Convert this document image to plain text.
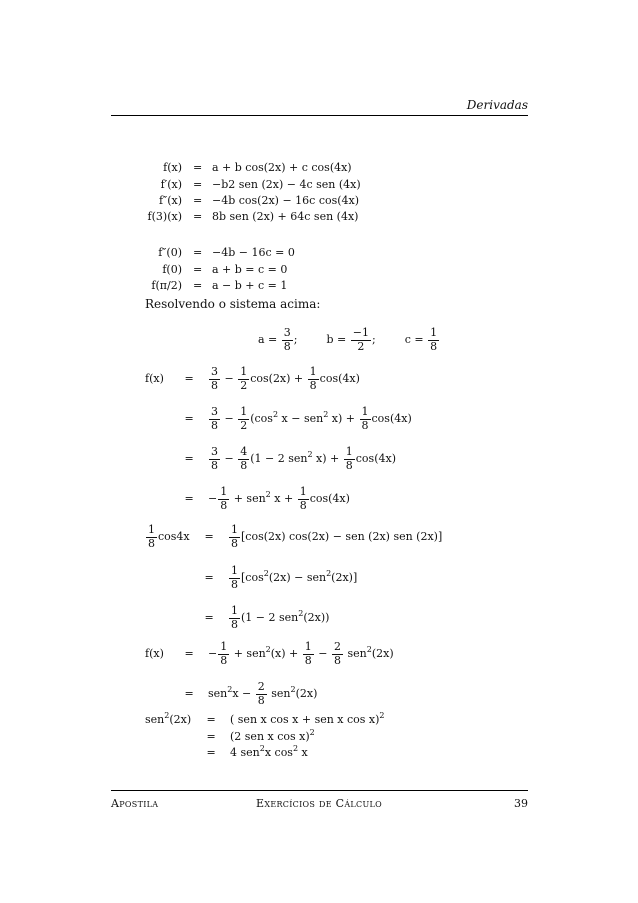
Derivadas
f(x) = a + b cos(2x) + c cos(4x)
f′(x) = −b2 sen (2x) − 4c sen (4x)
f″(x) = −4b cos(2x) − 16c cos(4x)
f(3)(x) = 8b sen (2x) + 64c sen (4x)
f″(0) = −4b − 16c = 0
f(0) = a + b = c = 0
f(π/2) = a − b + c = 1
Resolvendo o sistema acima:
$a = \frac{3}{8}$ ;	$b = \frac{-1}{2}$ ;	$c = \frac{1}{8}$
$f(x) = \frac{3}{8} - \frac{1}{2} \cos(2x) + \frac{1}{8} \cos(4x)$
= $\frac{3}{8} - \frac{1}{2} (\cos^2$ x − sen$^2$ $x) + \frac{1}{8} \cos(4x)$
= $\frac{3}{8} - \frac{4}{8} (1 - 2$ sen$^2$ $x) + \frac{1}{8} \cos(4x)$
= − $\frac{1}{8} + sen^2$ $x + \frac{1}{8} \cos(4x)$
$\frac{1}{8} \cos 4x = \frac{1}{8} [\cos(2x) \cos(2x)$ − sen (2x) sen (2x)]
= $\frac{1}{8} [\cos^2(2x) - sen^2(2x)]$
= $\frac{1}{8} (1 - 2$ sen$^2$(2x))
f(x) = − $\frac{1}{8} + sen^2(x) + \frac{1}{8} - \frac{2}{8} sen^2(2x)$
= $sen^2x - \frac{2}{8} sen^2(2x)$
sen$^2$(2x) = ( sen x cos x + sen x cos x)$^2$
= (2 sen x cos x)$^2$
= 4 sen$^2$x $\cos^2 x$
Apostila	Exercícios de Cálculo	39
